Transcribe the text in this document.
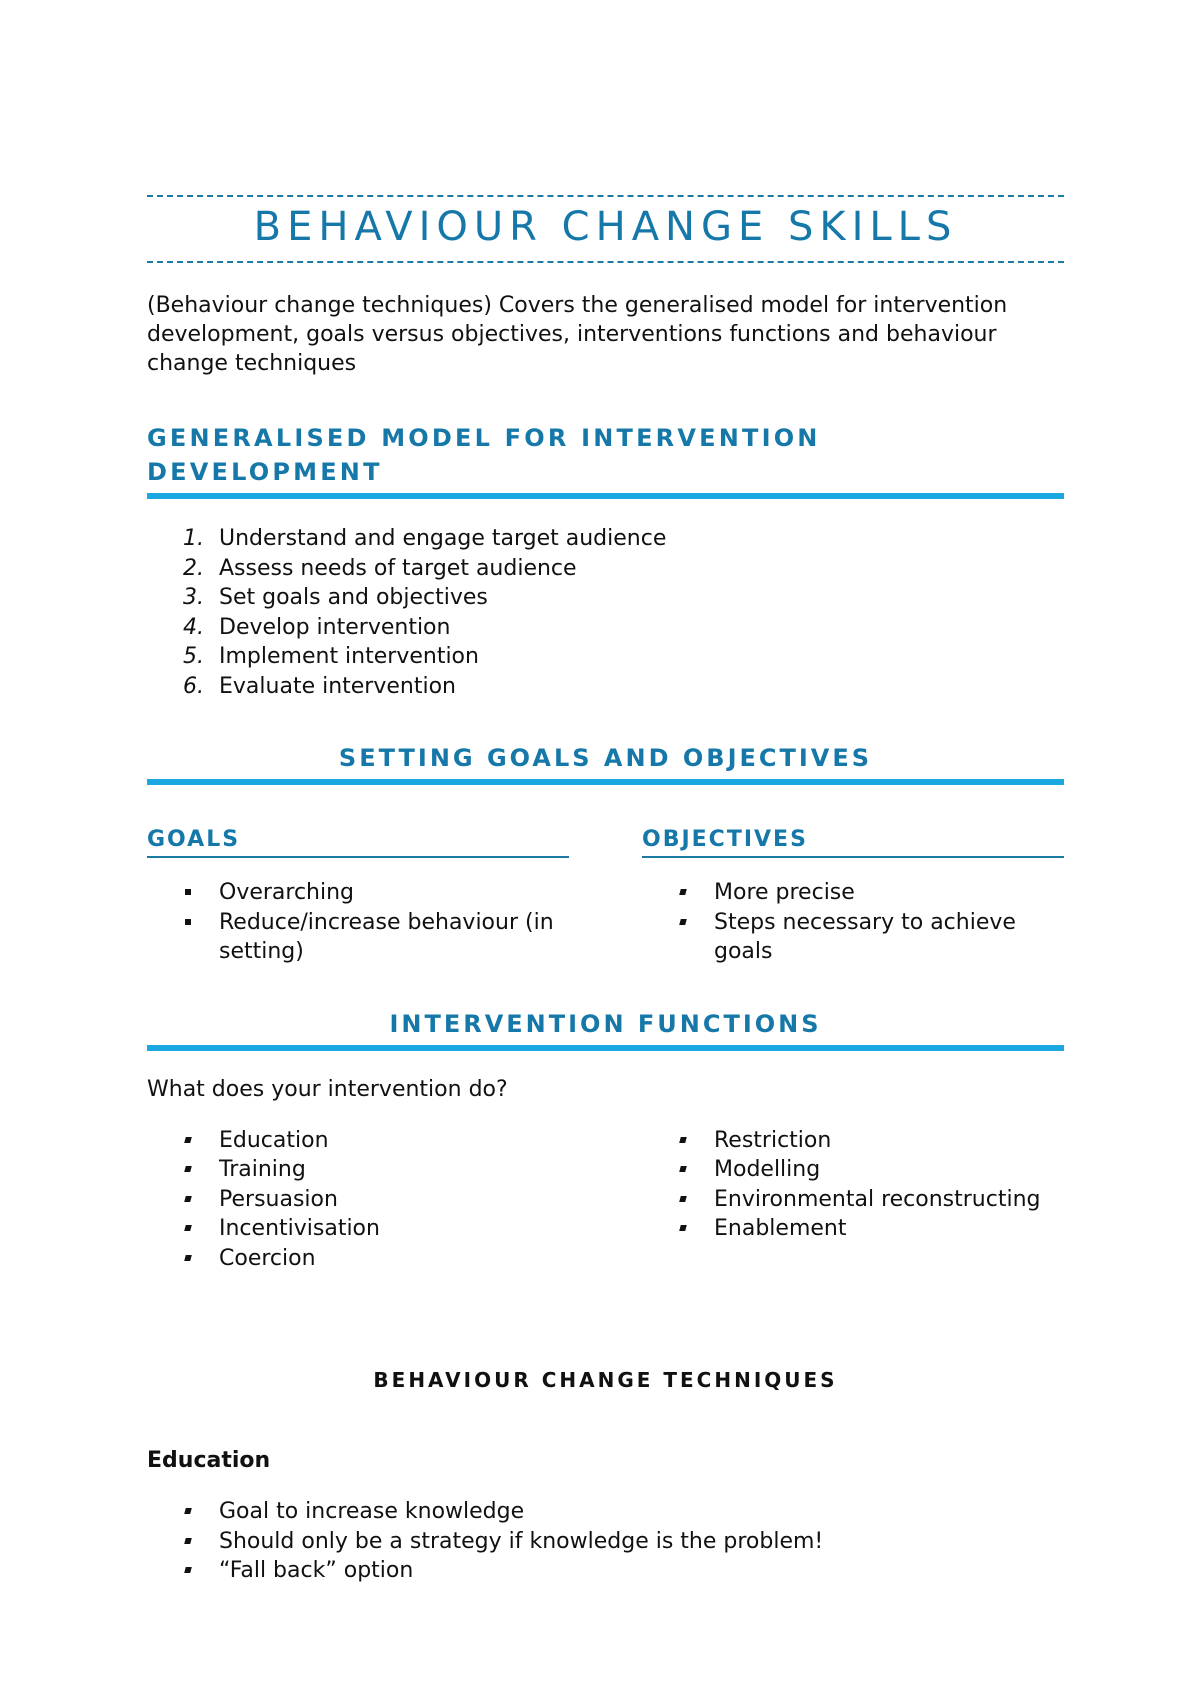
BEHAVIOUR CHANGE SKILLS

(Behaviour change techniques) Covers the generalised model for intervention development, goals versus objectives, interventions functions and behaviour change techniques

GENERALISED MODEL FOR INTERVENTION DEVELOPMENT
1. Understand and engage target audience
2. Assess needs of target audience
3. Set goals and objectives
4. Develop intervention
5. Implement intervention
6. Evaluate intervention
SETTING GOALS AND OBJECTIVES
GOALS
Overarching
Reduce/increase behaviour (in setting)
OBJECTIVES
More precise
Steps necessary to achieve goals
INTERVENTION FUNCTIONS

What does your intervention do?

Education
Training
Persuasion
Incentivisation
Coercion
Restriction
Modelling
Environmental reconstructing
Enablement
BEHAVIOUR CHANGE TECHNIQUES

Education

Goal to increase knowledge
Should only be a strategy if knowledge is the problem!
“Fall back” option
